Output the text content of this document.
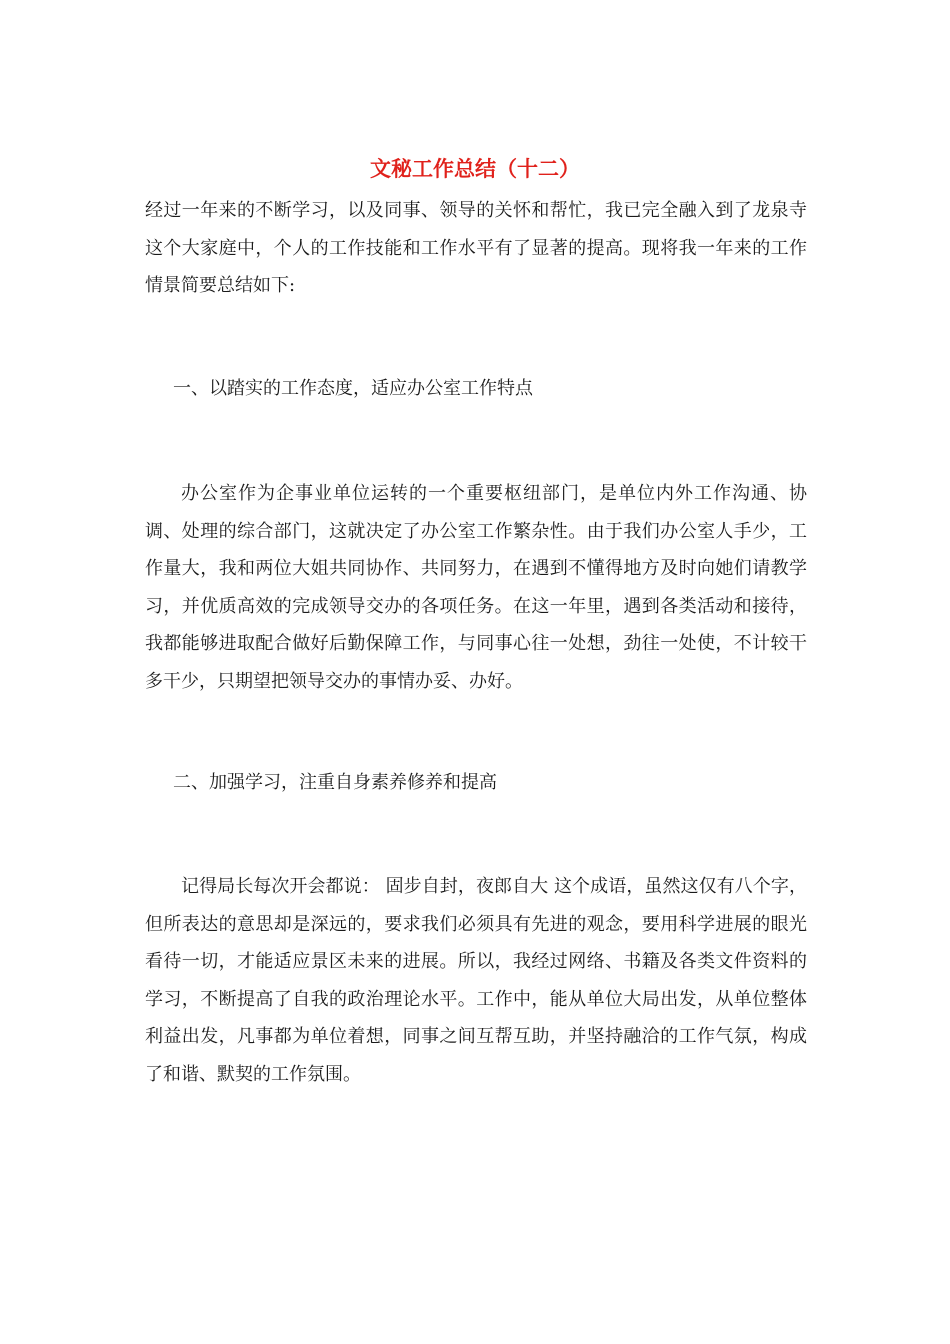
文秘工作总结（十二）

经过一年来的不断学习，以及同事、领导的关怀和帮忙，我已完全融入到了龙泉寺这个大家庭中，个人的工作技能和工作水平有了显著的提高。现将我一年来的工作情景简要总结如下:

一、以踏实的工作态度，适应办公室工作特点

办公室作为企事业单位运转的一个重要枢纽部门，是单位内外工作沟通、协调、处理的综合部门，这就决定了办公室工作繁杂性。由于我们办公室人手少，工作量大，我和两位大姐共同协作、共同努力，在遇到不懂得地方及时向她们请教学习，并优质高效的完成领导交办的各项任务。在这一年里，遇到各类活动和接待，我都能够进取配合做好后勤保障工作，与同事心往一处想，劲往一处使，不计较干多干少，只期望把领导交办的事情办妥、办好。

二、加强学习，注重自身素养修养和提高

记得局长每次开会都说： 固步自封，夜郎自大 这个成语，虽然这仅有八个字，但所表达的意思却是深远的，要求我们必须具有先进的观念，要用科学进展的眼光看待一切，才能适应景区未来的进展。所以，我经过网络、书籍及各类文件资料的学习，不断提高了自我的政治理论水平。工作中，能从单位大局出发，从单位整体利益出发，凡事都为单位着想，同事之间互帮互助，并坚持融洽的工作气氛，构成了和谐、默契的工作氛围。
